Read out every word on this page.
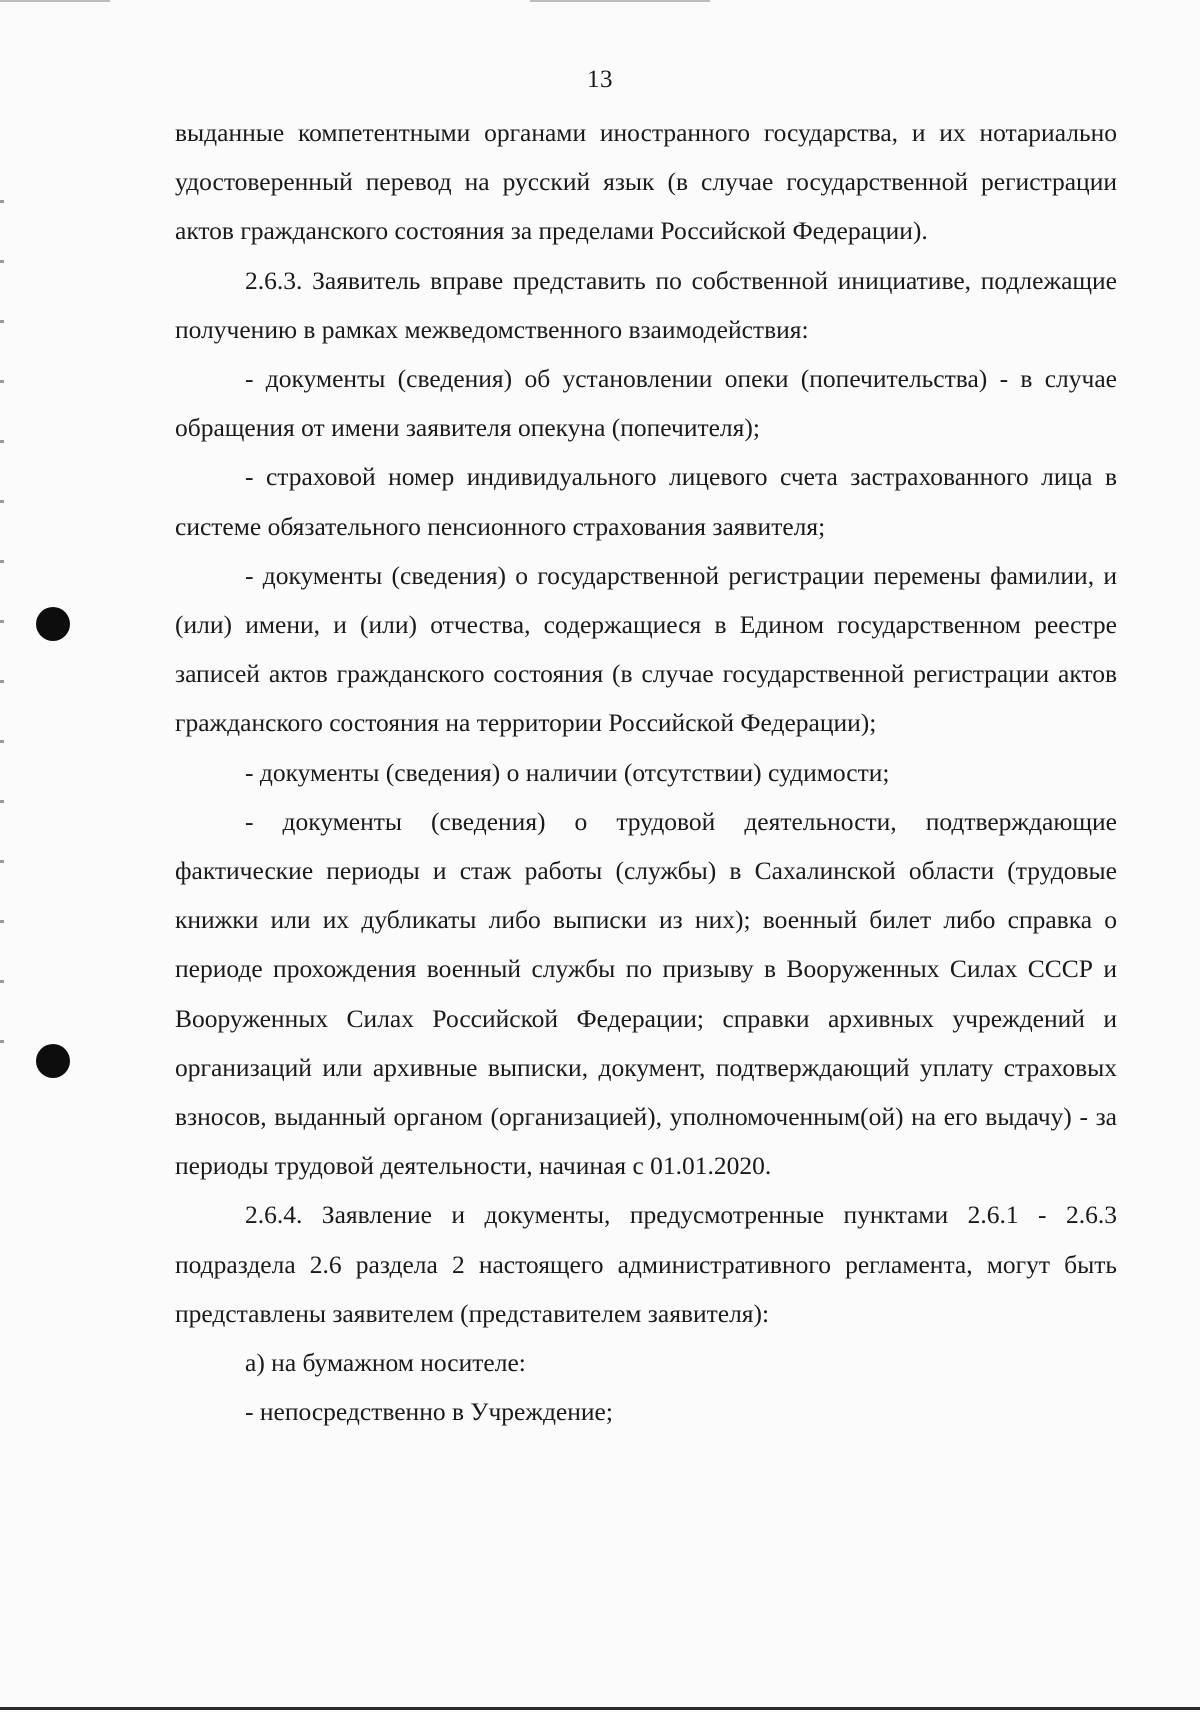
13

выданные компетентными органами иностранного государства, и их нотариально удостоверенный перевод на русский язык (в случае государственной регистрации актов гражданского состояния за пределами Российской Федерации).

2.6.3. Заявитель вправе представить по собственной инициативе, подлежащие получению в рамках межведомственного взаимодействия:

- документы (сведения) об установлении опеки (попечительства) - в случае обращения от имени заявителя опекуна (попечителя);

- страховой номер индивидуального лицевого счета застрахованного лица в системе обязательного пенсионного страхования заявителя;

- документы (сведения) о государственной регистрации перемены фамилии, и (или) имени, и (или) отчества, содержащиеся в Едином государственном реестре записей актов гражданского состояния (в случае государственной регистрации актов гражданского состояния на территории Российской Федерации);

- документы (сведения) о наличии (отсутствии) судимости;

- документы (сведения) о трудовой деятельности, подтверждающие фактические периоды и стаж работы (службы) в Сахалинской области (трудовые книжки или их дубликаты либо выписки из них); военный билет либо справка о периоде прохождения военный службы по призыву в Вооруженных Силах СССР и Вооруженных Силах Российской Федерации; справки архивных учреждений и организаций или архивные выписки, документ, подтверждающий уплату страховых взносов, выданный органом (организацией), уполномоченным(ой) на его выдачу) - за периоды трудовой деятельности, начиная с 01.01.2020.

2.6.4. Заявление и документы, предусмотренные пунктами 2.6.1 - 2.6.3 подраздела 2.6 раздела 2 настоящего административного регламента, могут быть представлены заявителем (представителем заявителя):

а) на бумажном носителе:

- непосредственно в Учреждение;
